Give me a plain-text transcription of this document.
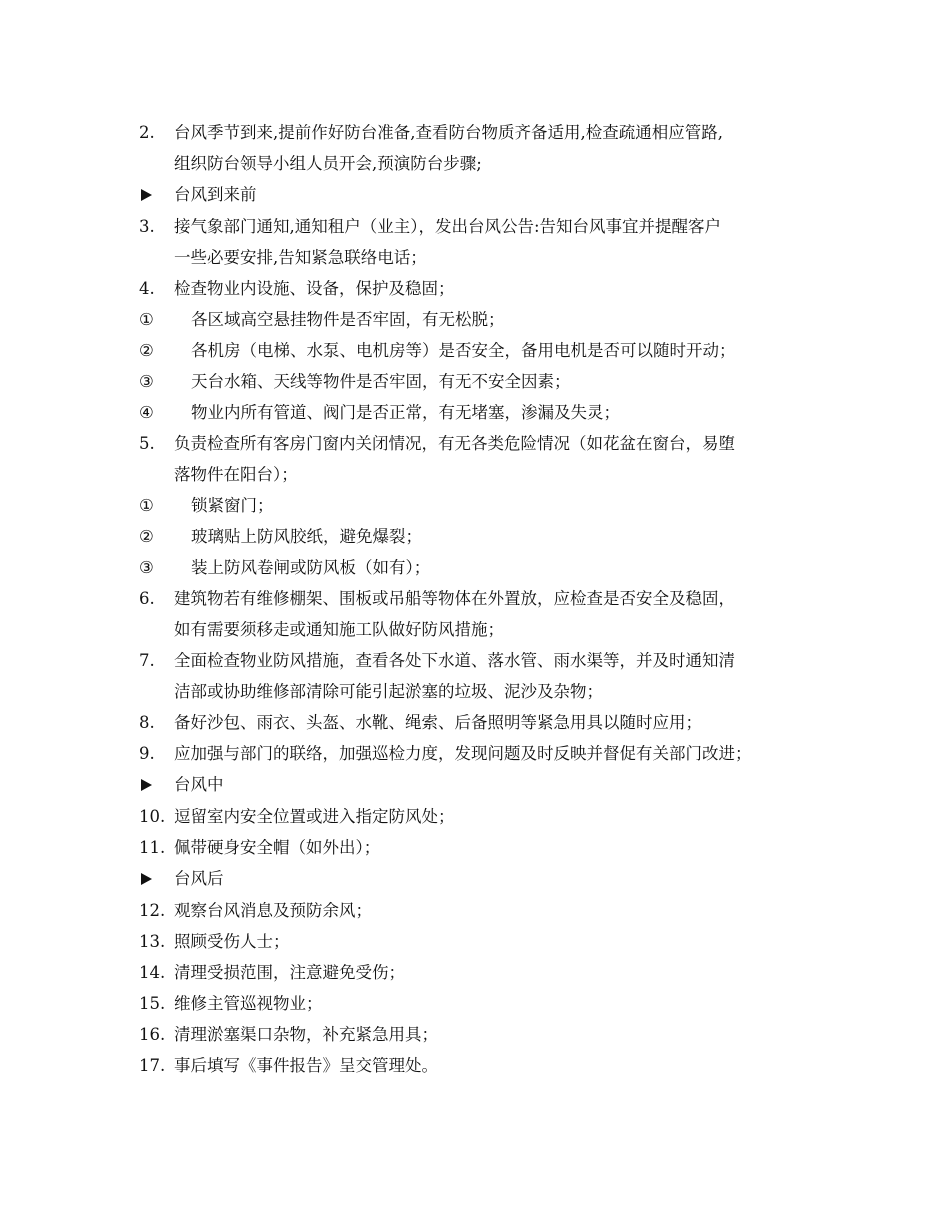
2.	台风季节到来,提前作好防台准备,查看防台物质齐备适用,检查疏通相应管路,
组织防台领导小组人员开会,预演防台步骤;
台风到来前
3.	接气象部门通知,通知租户（业主），发出台风公告:告知台风事宜并提醒客户
一些必要安排,告知紧急联络电话；
4.	检查物业内设施、设备，保护及稳固；
①	各区域高空悬挂物件是否牢固，有无松脱；
②	各机房（电梯、水泵、电机房等）是否安全，备用电机是否可以随时开动；
③	天台水箱、天线等物件是否牢固，有无不安全因素；
④	物业内所有管道、阀门是否正常，有无堵塞，渗漏及失灵；
5.	负责检查所有客房门窗内关闭情况，有无各类危险情况（如花盆在窗台，易堕
落物件在阳台）；
①	锁紧窗门；
②	玻璃贴上防风胶纸，避免爆裂；
③	装上防风卷闸或防风板（如有）；
6.	建筑物若有维修棚架、围板或吊船等物体在外置放，应检查是否安全及稳固，
如有需要须移走或通知施工队做好防风措施；
7.	全面检查物业防风措施，查看各处下水道、落水管、雨水渠等，并及时通知清
洁部或协助维修部清除可能引起淤塞的垃圾、泥沙及杂物；
8.	备好沙包、雨衣、头盔、水靴、绳索、后备照明等紧急用具以随时应用；
9.	应加强与部门的联络，加强巡检力度，发现问题及时反映并督促有关部门改进；
台风中
10. 逗留室内安全位置或进入指定防风处；
11. 佩带硬身安全帽（如外出）；
台风后
12. 观察台风消息及预防余风；
13. 照顾受伤人士；
14. 清理受损范围，注意避免受伤；
15. 维修主管巡视物业；
16. 清理淤塞渠口杂物，补充紧急用具；
17. 事后填写《事件报告》呈交管理处。
